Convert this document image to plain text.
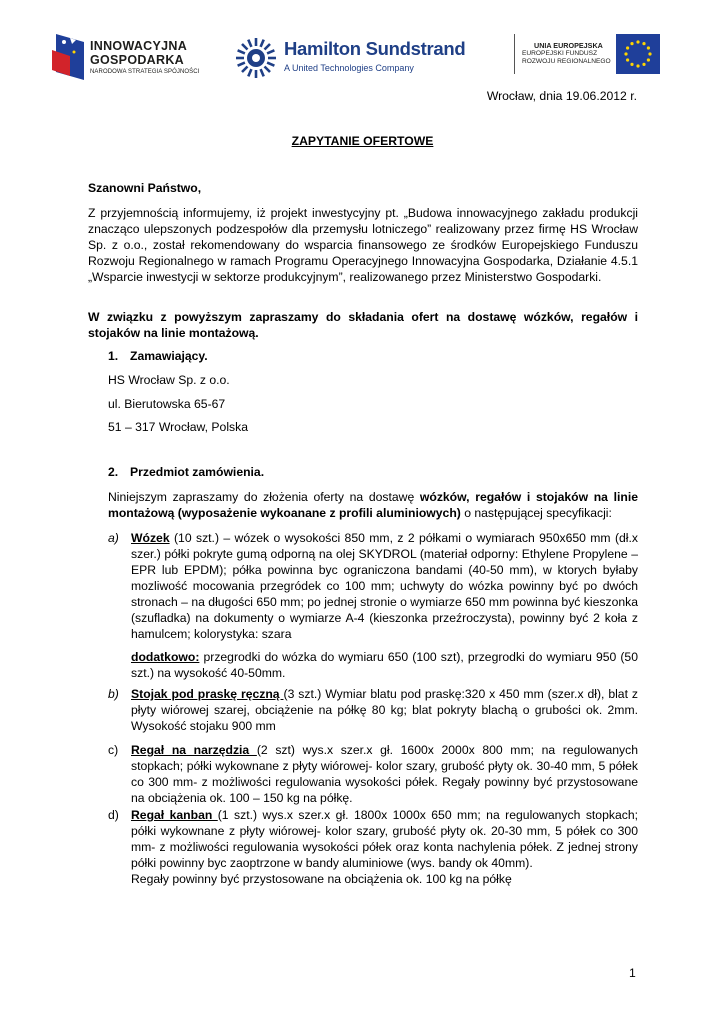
INNOWACYJNA
GOSPODARKA
NARODOWA STRATEGIA SPÓJNOŚCI
Hamilton Sundstrand
A United Technologies Company
UNIA EUROPEJSKA
EUROPEJSKI FUNDUSZ
ROZWOJU REGIONALNEGO
Wrocław, dnia 19.06.2012 r.
ZAPYTANIE OFERTOWE
Szanowni Państwo,
Z przyjemnością informujemy, iż projekt inwestycyjny pt. „Budowa innowacyjnego zakładu produkcji znacząco ulepszonych podzespołów dla przemysłu lotniczego” realizowany przez firmę HS Wrocław Sp. z o.o., został rekomendowany do wsparcia finansowego ze środków Europejskiego Funduszu Rozwoju Regionalnego w ramach Programu Operacyjnego Innowacyjna Gospodarka, Działanie 4.5.1 „Wsparcie inwestycji w sektorze produkcyjnym”, realizowanego przez Ministerstwo Gospodarki.
W związku z powyższym zapraszamy do składania ofert na dostawę wózków, regałów i stojaków na linie montażową.
1. Zamawiający.
HS Wrocław Sp. z o.o.
ul. Bierutowska 65-67
51 – 317 Wrocław, Polska
2. Przedmiot zamówienia.
Niniejszym zapraszamy do złożenia oferty na dostawę wózków, regałów i stojaków na linie montażową (wyposażenie wykoanane z profili aluminiowych) o następującej specyfikacji:
a) Wózek (10 szt.) – wózek o wysokości 850 mm, z 2 półkami o wymiarach 950x650 mm (dł.x szer.) półki pokryte gumą odporną na olej SKYDROL (materiał odporny: Ethylene Propylene – EPR lub EPDM); półka powinna byc ograniczona bandami (40-50 mm), w ktorych byłaby mozliwość mocowania przegródek co 100 mm; uchwyty do wózka powinny być po dwóch stronach – na długości 650 mm; po jednej stronie o wymiarze 650 mm powinna być kieszonka (szufladka) na dokumenty o wymiarze A-4 (kieszonka przeźroczysta), powinny być 2 koła z hamulcem; kolorystyka: szara
dodatkowo: przegrodki do wózka do wymiaru 650 (100 szt), przegrodki do wymiaru 950 (50 szt.) na wysokość 40-50mm.
b) Stojak pod praskę ręczną (3 szt.) Wymiar blatu pod praskę:320 x 450 mm (szer.x dł), blat z płyty wiórowej szarej, obciążenie na półkę 80 kg; blat pokryty blachą o grubości ok. 2mm. Wysokość stojaku 900 mm
c) Regał na narzędzia (2 szt) wys.x szer.x gł. 1600x 2000x 800 mm; na regulowanych stopkach; półki wykownane z płyty wiórowej- kolor szary, grubość płyty ok. 30-40 mm, 5 półek co 300 mm- z możliwości regulowania wysokości półek. Regały powinny być przystosowane na obciążenia ok. 100 – 150 kg na półkę.
d) Regał kanban (1 szt.) wys.x szer.x gł. 1800x 1000x 650 mm; na regulowanych stopkach; półki wykownane z płyty wiórowej- kolor szary, grubość płyty ok. 20-30 mm, 5 półek co 300 mm- z możliwości regulowania wysokości półek oraz konta nachylenia półek. Z jednej strony półki powinny byc zaoptrzone w bandy aluminiowe (wys. bandy ok 40mm).
Regały powinny być przystosowane na obciążenia ok. 100 kg na półkę
1
